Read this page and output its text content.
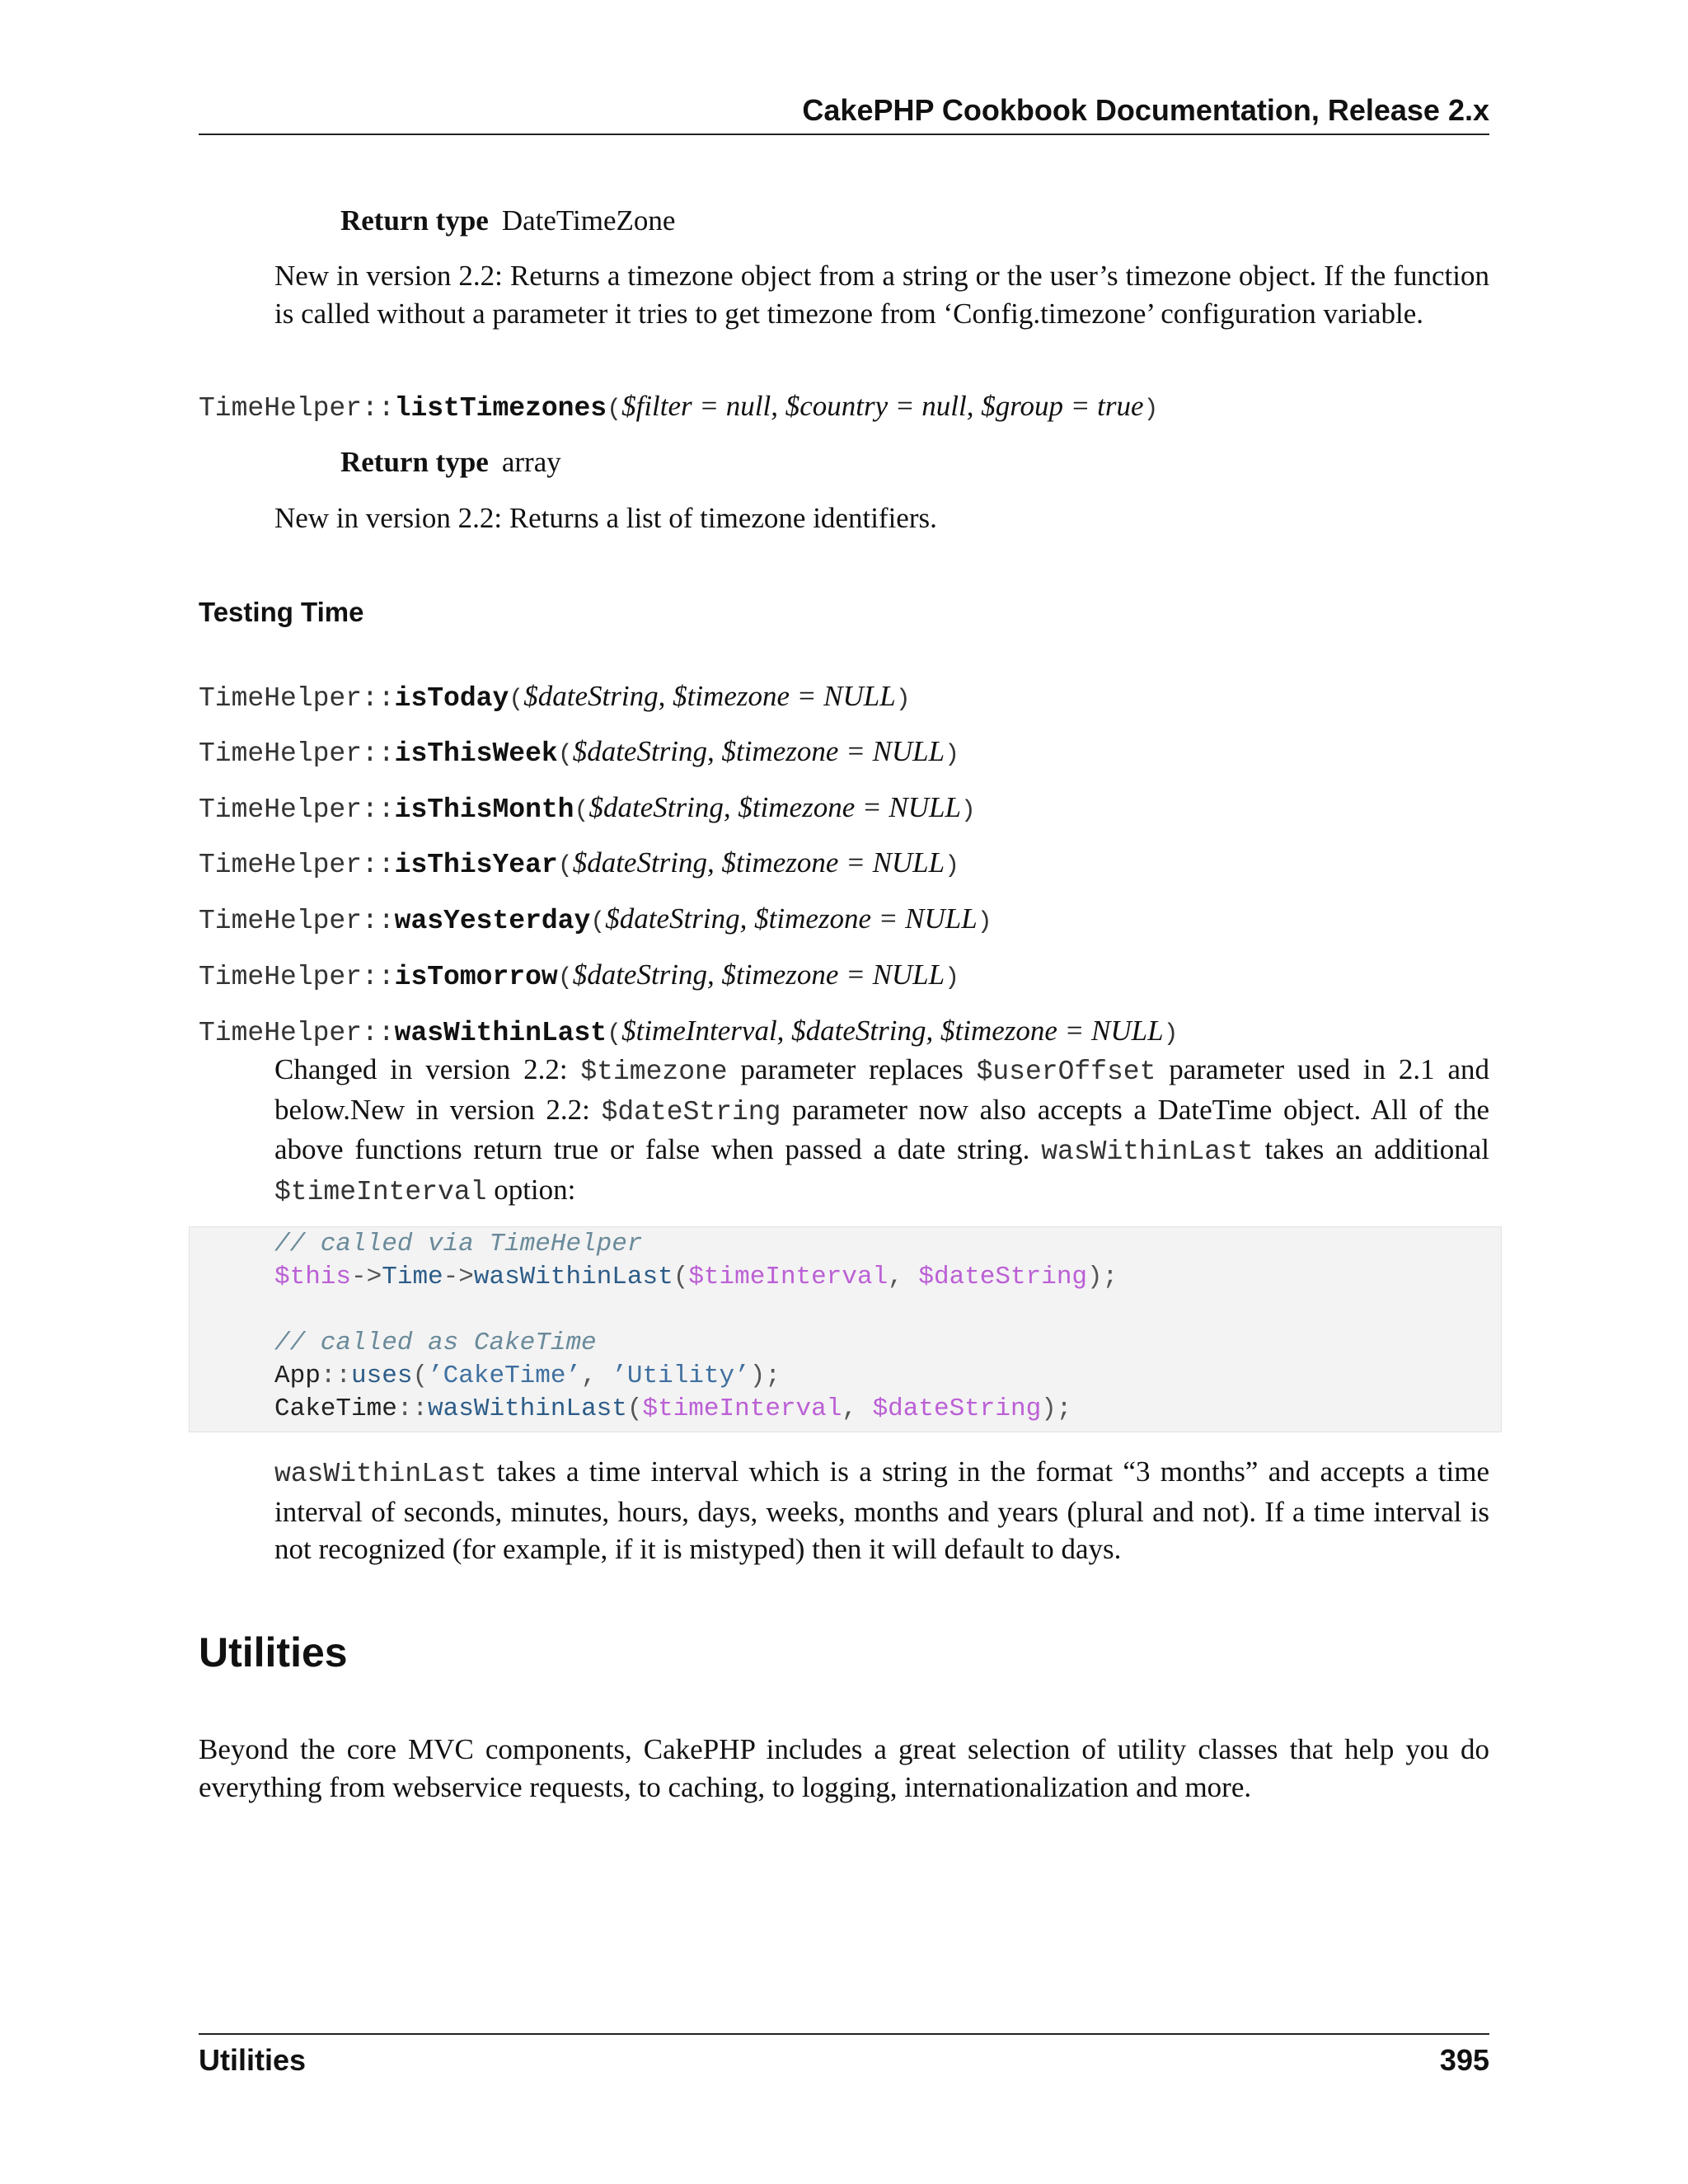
CakePHP Cookbook Documentation, Release 2.x
Return type DateTimeZone
New in version 2.2: Returns a timezone object from a string or the user’s timezone object. If the function is called without a parameter it tries to get timezone from ‘Config.timezone’ configuration variable.
TimeHelper::listTimezones($filter = null, $country = null, $group = true)
Return type array
New in version 2.2: Returns a list of timezone identifiers.
Testing Time
TimeHelper::isToday($dateString, $timezone = NULL)
TimeHelper::isThisWeek($dateString, $timezone = NULL)
TimeHelper::isThisMonth($dateString, $timezone = NULL)
TimeHelper::isThisYear($dateString, $timezone = NULL)
TimeHelper::wasYesterday($dateString, $timezone = NULL)
TimeHelper::isTomorrow($dateString, $timezone = NULL)
TimeHelper::wasWithinLast($timeInterval, $dateString, $timezone = NULL)
Changed in version 2.2: $timezone parameter replaces $userOffset parameter used in 2.1 and below.New in version 2.2: $dateString parameter now also accepts a DateTime object. All of the above functions return true or false when passed a date string. wasWithinLast takes an additional $timeInterval option:
// called via TimeHelper
$this->Time->wasWithinLast($timeInterval, $dateString);
// called as CakeTime
App::uses(’CakeTime’, ’Utility’);
CakeTime::wasWithinLast($timeInterval, $dateString);
wasWithinLast takes a time interval which is a string in the format “3 months” and accepts a time interval of seconds, minutes, hours, days, weeks, months and years (plural and not). If a time interval is not recognized (for example, if it is mistyped) then it will default to days.
Utilities
Beyond the core MVC components, CakePHP includes a great selection of utility classes that help you do everything from webservice requests, to caching, to logging, internationalization and more.
Utilities	395
